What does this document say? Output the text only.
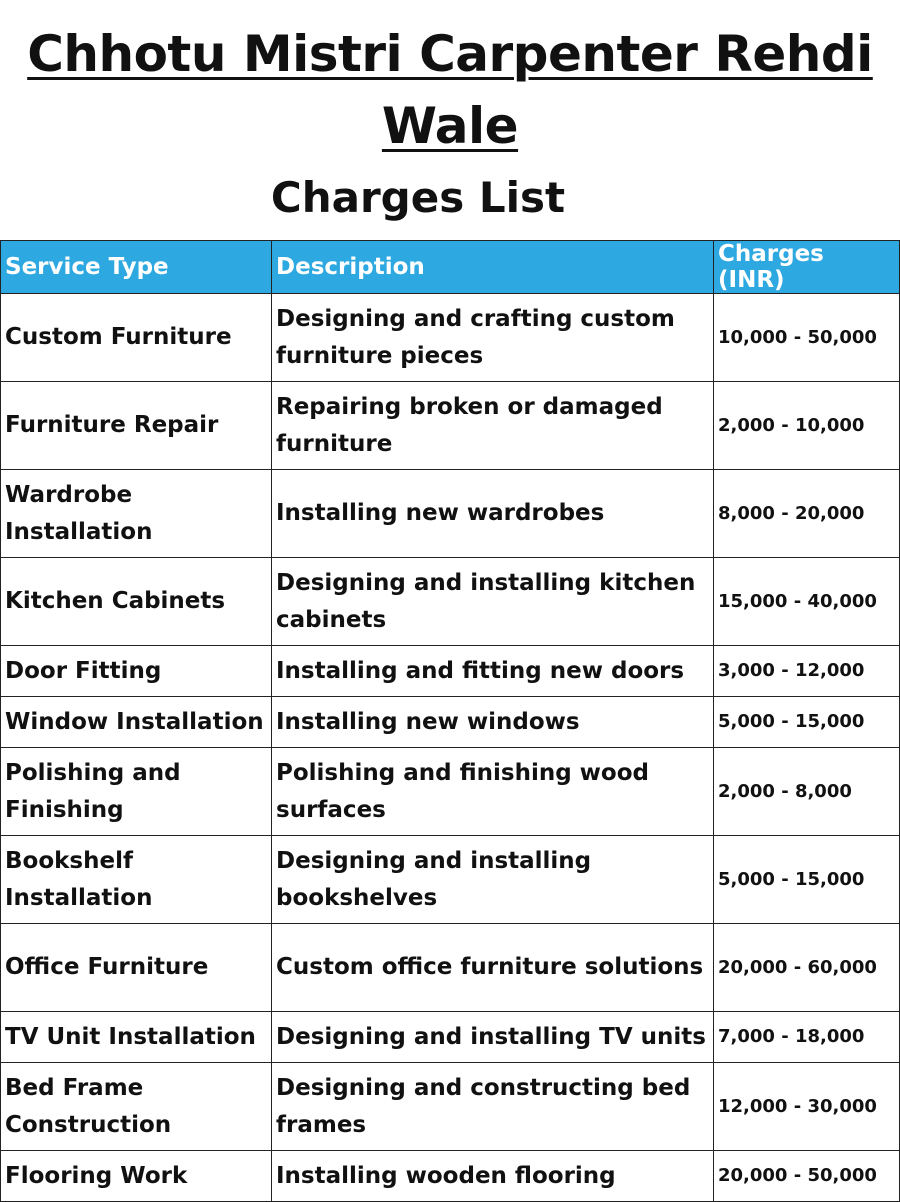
Chhotu Mistri Carpenter Rehdi Wale
Charges List
Service Type	Description	Charges (INR)
Custom Furniture	Designing and crafting custom furniture pieces	10,000 - 50,000
Furniture Repair	Repairing broken or damaged furniture	2,000 - 10,000
Wardrobe Installation	Installing new wardrobes	8,000 - 20,000
Kitchen Cabinets	Designing and installing kitchen cabinets	15,000 - 40,000
Door Fitting	Installing and fitting new doors	3,000 - 12,000
Window Installation	Installing new windows	5,000 - 15,000
Polishing and Finishing	Polishing and finishing wood surfaces	2,000 - 8,000
Bookshelf Installation	Designing and installing bookshelves	5,000 - 15,000
Office Furniture	Custom office furniture solutions	20,000 - 60,000
TV Unit Installation	Designing and installing TV units	7,000 - 18,000
Bed Frame Construction	Designing and constructing bed frames	12,000 - 30,000
Flooring Work	Installing wooden flooring	20,000 - 50,000
